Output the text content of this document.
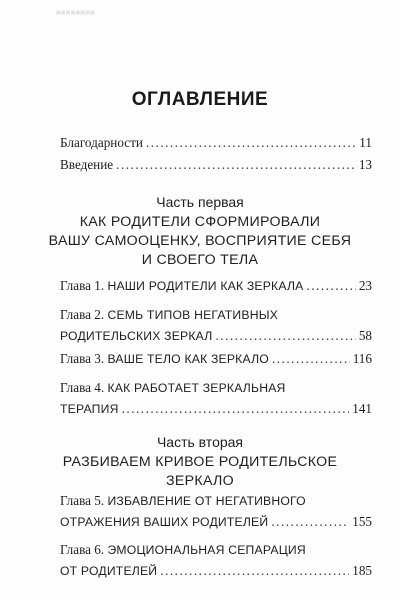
■■■■■■■■
ОГЛАВЛЕНИЕ
Благодарности .....	11
Введение .....	13
Часть первая
КАК РОДИТЕЛИ СФОРМИРОВАЛИ
ВАШУ САМООЦЕНКУ, ВОСПРИЯТИЕ СЕБЯ
И СВОЕГО ТЕЛА
Глава 1. НАШИ РОДИТЕЛИ КАК ЗЕРКАЛА .....	23
Глава 2. СЕМЬ ТИПОВ НЕГАТИВНЫХ
РОДИТЕЛЬСКИХ ЗЕРКАЛ .....	58
Глава 3. ВАШЕ ТЕЛО КАК ЗЕРКАЛО .....	116
Глава 4. КАК РАБОТАЕТ ЗЕРКАЛЬНАЯ
ТЕРАПИЯ .....	141
Часть вторая
РАЗБИВАЕМ КРИВОЕ РОДИТЕЛЬСКОЕ
ЗЕРКАЛО
Глава 5. ИЗБАВЛЕНИЕ ОТ НЕГАТИВНОГО
ОТРАЖЕНИЯ ВАШИХ РОДИТЕЛЕЙ .....	155
Глава 6. ЭМОЦИОНАЛЬНАЯ СЕПАРАЦИЯ
ОТ РОДИТЕЛЕЙ .....	185
